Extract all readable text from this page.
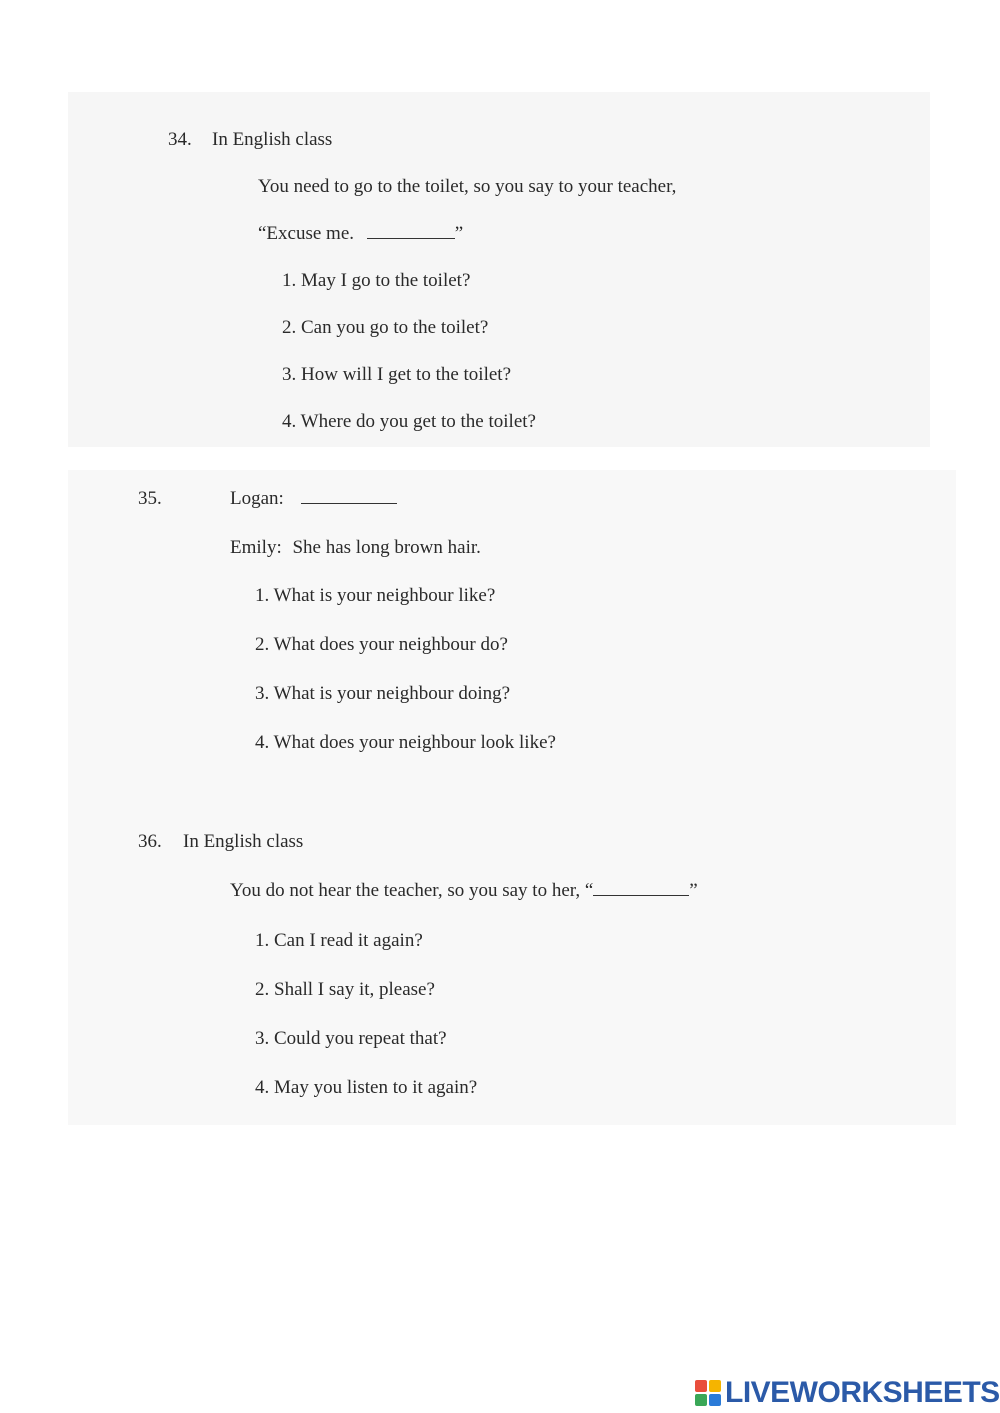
34. In English class
You need to go to the toilet, so you say to your teacher,
“Excuse me.	”
1. May I go to the toilet?
2. Can you go to the toilet?
3. How will I get to the toilet?
4. Where do you get to the toilet?
35.	Logan:
Emily: She has long brown hair.
1. What is your neighbour like?
2. What does your neighbour do?
3. What is your neighbour doing?
4. What does your neighbour look like?
36. In English class
You do not hear the teacher, so you say to her, “	”
1. Can I read it again?
2. Shall I say it, please?
3. Could you repeat that?
4. May you listen to it again?
LIVEWORKSHEETS
